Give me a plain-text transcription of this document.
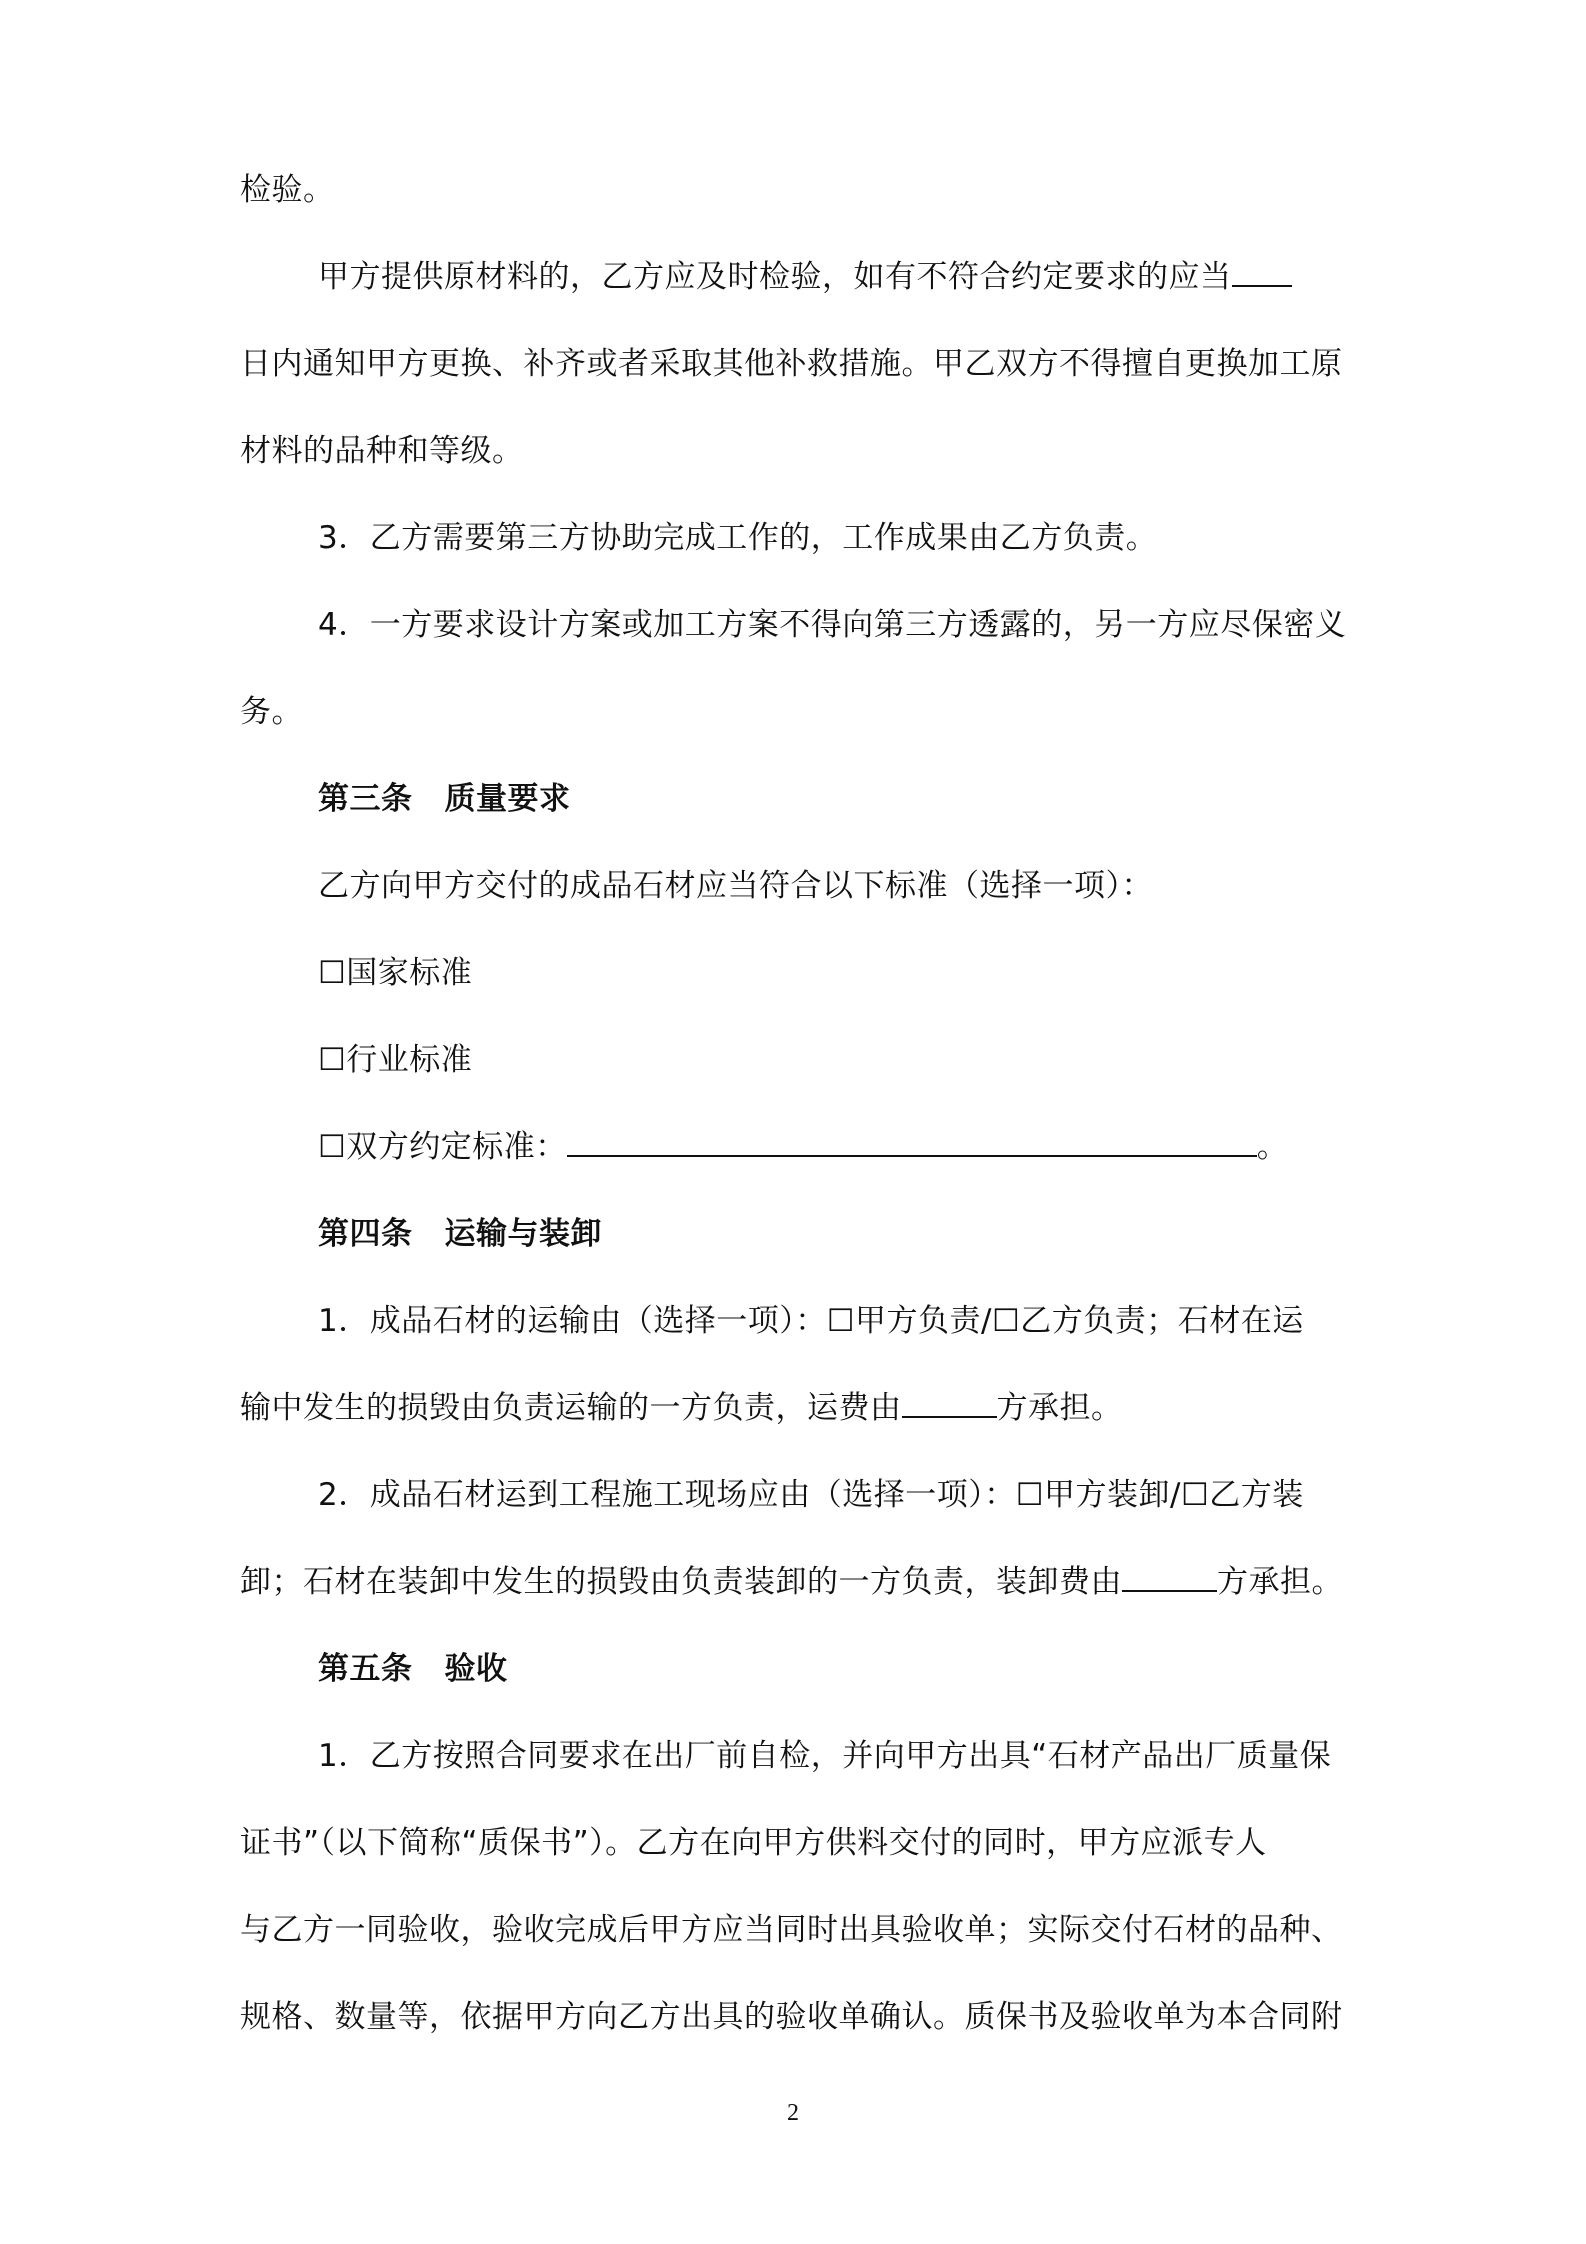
检验。
甲方提供原材料的，乙方应及时检验，如有不符合约定要求的应当
日内通知甲方更换、补齐或者采取其他补救措施。甲乙双方不得擅自更换加工原
材料的品种和等级。
3．乙方需要第三方协助完成工作的，工作成果由乙方负责。
4．一方要求设计方案或加工方案不得向第三方透露的，另一方应尽保密义
务。
第三条 质量要求
乙方向甲方交付的成品石材应当符合以下标准（选择一项）：
☐国家标准
☐行业标准
☐双方约定标准：	。
第四条 运输与装卸
1．成品石材的运输由（选择一项）：☐甲方负责/☐乙方负责；石材在运
输中发生的损毁由负责运输的一方负责，运费由	方承担。
2．成品石材运到工程施工现场应由（选择一项）：☐甲方装卸/☐乙方装
卸；石材在装卸中发生的损毁由负责装卸的一方负责，装卸费由	方承担。
第五条 验收
1．乙方按照合同要求在出厂前自检，并向甲方出具“石材产品出厂质量保
证书”（以下简称“质保书”）。乙方在向甲方供料交付的同时，甲方应派专人
与乙方一同验收，验收完成后甲方应当同时出具验收单；实际交付石材的品种、
规格、数量等，依据甲方向乙方出具的验收单确认。质保书及验收单为本合同附
2
